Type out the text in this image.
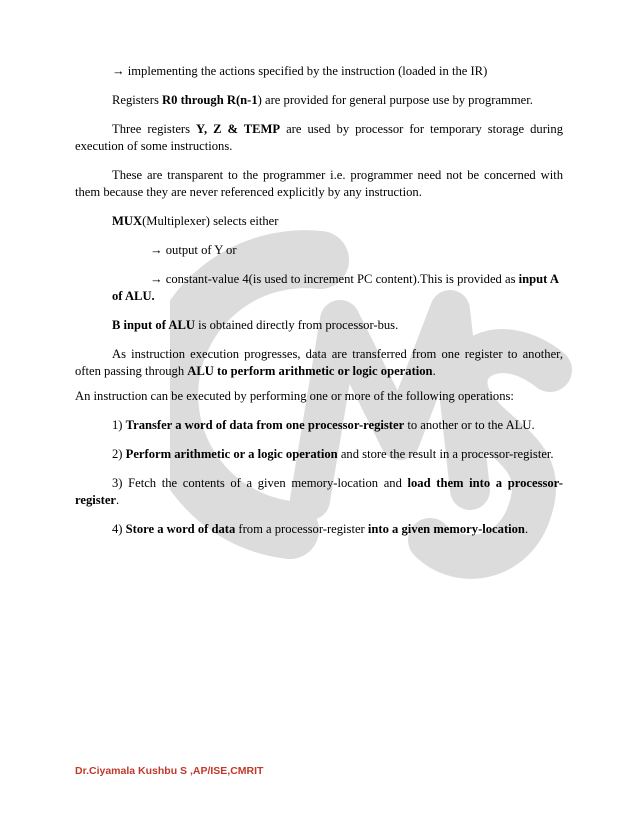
→ implementing the actions specified by the instruction (loaded in the IR)

Registers R0 through R(n-1) are provided for general purpose use by programmer.

Three registers Y, Z & TEMP are used by processor for temporary storage during execution of some instructions.

These are transparent to the programmer i.e. programmer need not be concerned with them because they are never referenced explicitly by any instruction.

MUX(Multiplexer) selects either

→ output of Y or

→ constant-value 4(is used to increment PC content).This is provided as input A

of ALU.

B input of ALU is obtained directly from processor-bus.

As instruction execution progresses, data are transferred from one register to another, often passing through ALU to perform arithmetic or logic operation.

An instruction can be executed by performing one or more of the following operations:

1) Transfer a word of data from one processor-register to another or to the ALU.

2) Perform arithmetic or a logic operation and store the result in a processor-register.

3) Fetch the contents of a given memory-location and load them into a processor-register.

4) Store a word of data from a processor-register into a given memory-location.

Dr.Ciyamala Kushbu S ,AP/ISE,CMRIT
